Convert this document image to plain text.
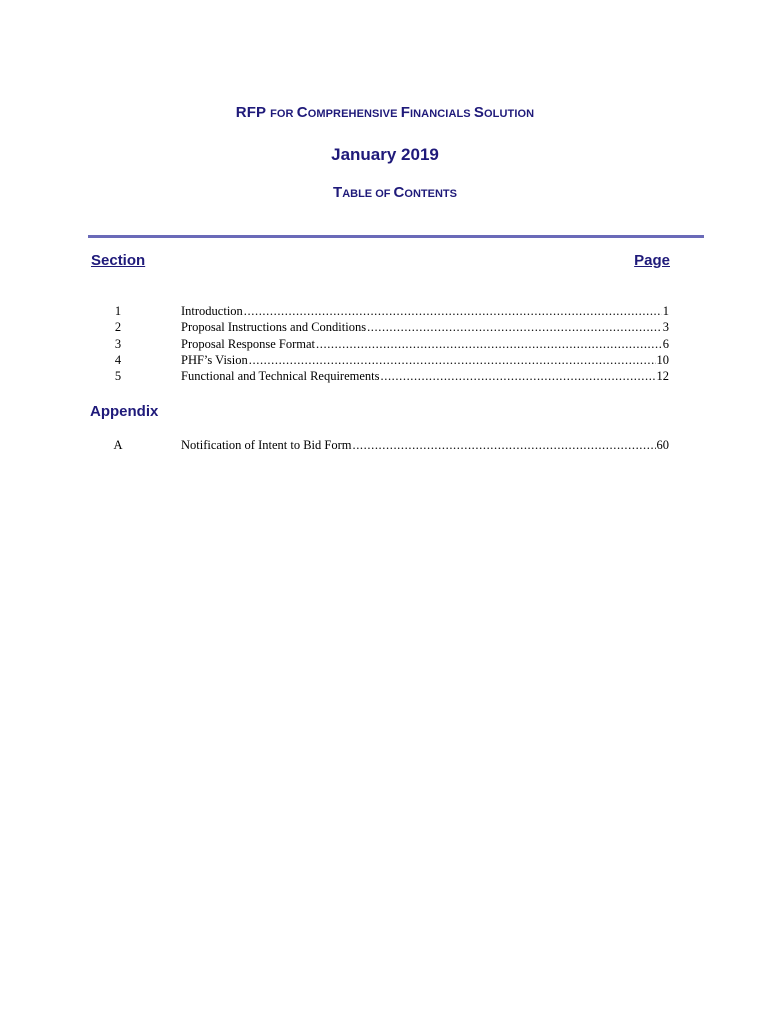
RFP FOR COMPREHENSIVE FINANCIALS SOLUTION
January 2019
TABLE OF CONTENTS
Section	Page
1	Introduction .....	1
2	Proposal Instructions and Conditions .....	3
3	Proposal Response Format .....	6
4	PHF’s Vision .....	10
5	Functional and Technical Requirements .....	12
Appendix
A	Notification of Intent to Bid Form .....	60
